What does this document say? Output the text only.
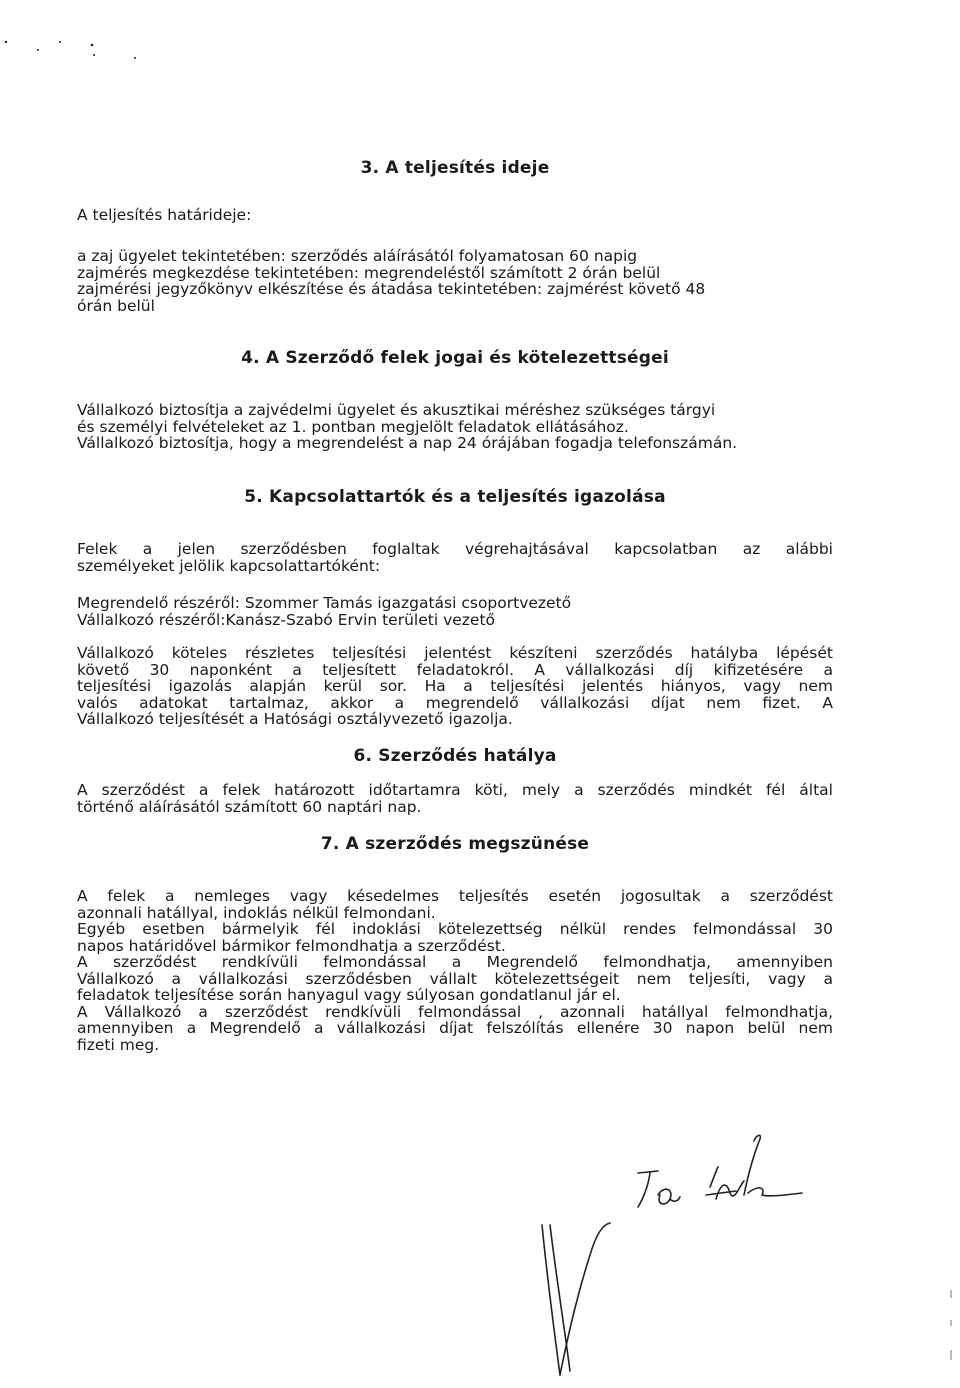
3. A teljesítés ideje
A teljesítés határideje:
a zaj ügyelet tekintetében: szerződés aláírásától folyamatosan 60 napig
zajmérés megkezdése tekintetében: megrendeléstől számított 2 órán belül
zajmérési jegyzőkönyv elkészítése és átadása tekintetében: zajmérést követő 48
órán belül
4. A Szerződő felek jogai és kötelezettségei
Vállalkozó biztosítja a zajvédelmi ügyelet és akusztikai méréshez szükséges tárgyi
és személyi felvételeket az 1. pontban megjelölt feladatok ellátásához.
Vállalkozó biztosítja, hogy a megrendelést a nap 24 órájában fogadja telefonszámán.
5. Kapcsolattartók és a teljesítés igazolása
Felek a jelen szerződésben foglaltak végrehajtásával kapcsolatban az alábbi
személyeket jelölik kapcsolattartóként:
Megrendelő részéről: Szommer Tamás igazgatási csoportvezető
Vállalkozó részéről:Kanász-Szabó Ervin területi vezető
Vállalkozó köteles részletes teljesítési jelentést készíteni szerződés hatályba lépését
követő 30 naponként a teljesített feladatokról. A vállalkozási díj kifizetésére a
teljesítési igazolás alapján kerül sor. Ha a teljesítési jelentés hiányos, vagy nem
valós adatokat tartalmaz, akkor a megrendelő vállalkozási díjat nem fizet. A
Vállalkozó teljesítését a Hatósági osztályvezető igazolja.
6. Szerződés hatálya
A szerződést a felek határozott időtartamra köti, mely a szerződés mindkét fél által
történő aláírásától számított 60 naptári nap.
7. A szerződés megszünése
A felek a nemleges vagy késedelmes teljesítés esetén jogosultak a szerződést
azonnali hatállyal, indoklás nélkül felmondani.
Egyéb esetben bármelyik fél indoklási kötelezettség nélkül rendes felmondással 30
napos határidővel bármikor felmondhatja a szerződést.
A szerződést rendkívüli felmondással a Megrendelő felmondhatja, amennyiben
Vállalkozó a vállalkozási szerződésben vállalt kötelezettségeit nem teljesíti, vagy a
feladatok teljesítése során hanyagul vagy súlyosan gondatlanul jár el.
A Vállalkozó a szerződést rendkívüli felmondással , azonnali hatállyal felmondhatja,
amennyiben a Megrendelő a vállalkozási díjat felszólítás ellenére 30 napon belül nem
fizeti meg.
